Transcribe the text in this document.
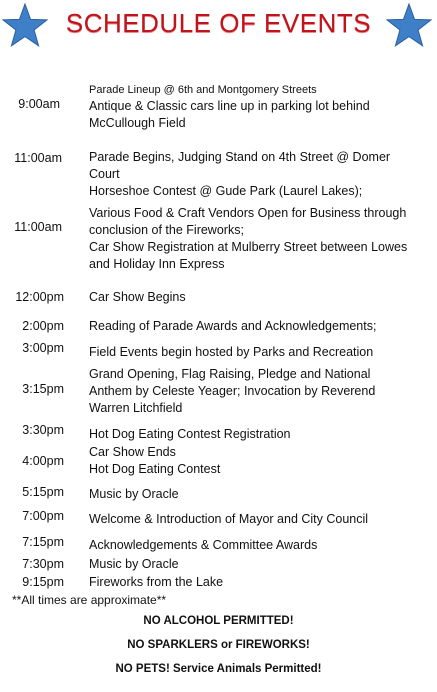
SCHEDULE OF EVENTS
9:00am
Parade Lineup @ 6th and Montgomery Streets
Antique & Classic cars line up in parking lot behind
McCullough Field
11:00am Parade Begins, Judging Stand on 4th Street @ Domer
Court
Horseshoe Contest @ Gude Park (Laurel Lakes);
11:00am
Various Food & Craft Vendors Open for Business through
conclusion of the Fireworks;
Car Show Registration at Mulberry Street between Lowes
and Holiday Inn Express
12:00pm Car Show Begins
2:00pm Reading of Parade Awards and Acknowledgements;
3:00pm Field Events begin hosted by Parks and Recreation
3:15pm
Grand Opening, Flag Raising, Pledge and National
Anthem by Celeste Yeager; Invocation by Reverend
Warren Litchfield
3:30pm Hot Dog Eating Contest Registration
4:00pm
Car Show Ends
Hot Dog Eating Contest
5:15pm Music by Oracle
7:00pm Welcome & Introduction of Mayor and City Council
7:15pm Acknowledgements & Committee Awards
7:30pm Music by Oracle
9:15pm Fireworks from the Lake
**All times are approximate**
NO ALCOHOL PERMITTED!
NO SPARKLERS or FIREWORKS!
NO PETS! Service Animals Permitted!
